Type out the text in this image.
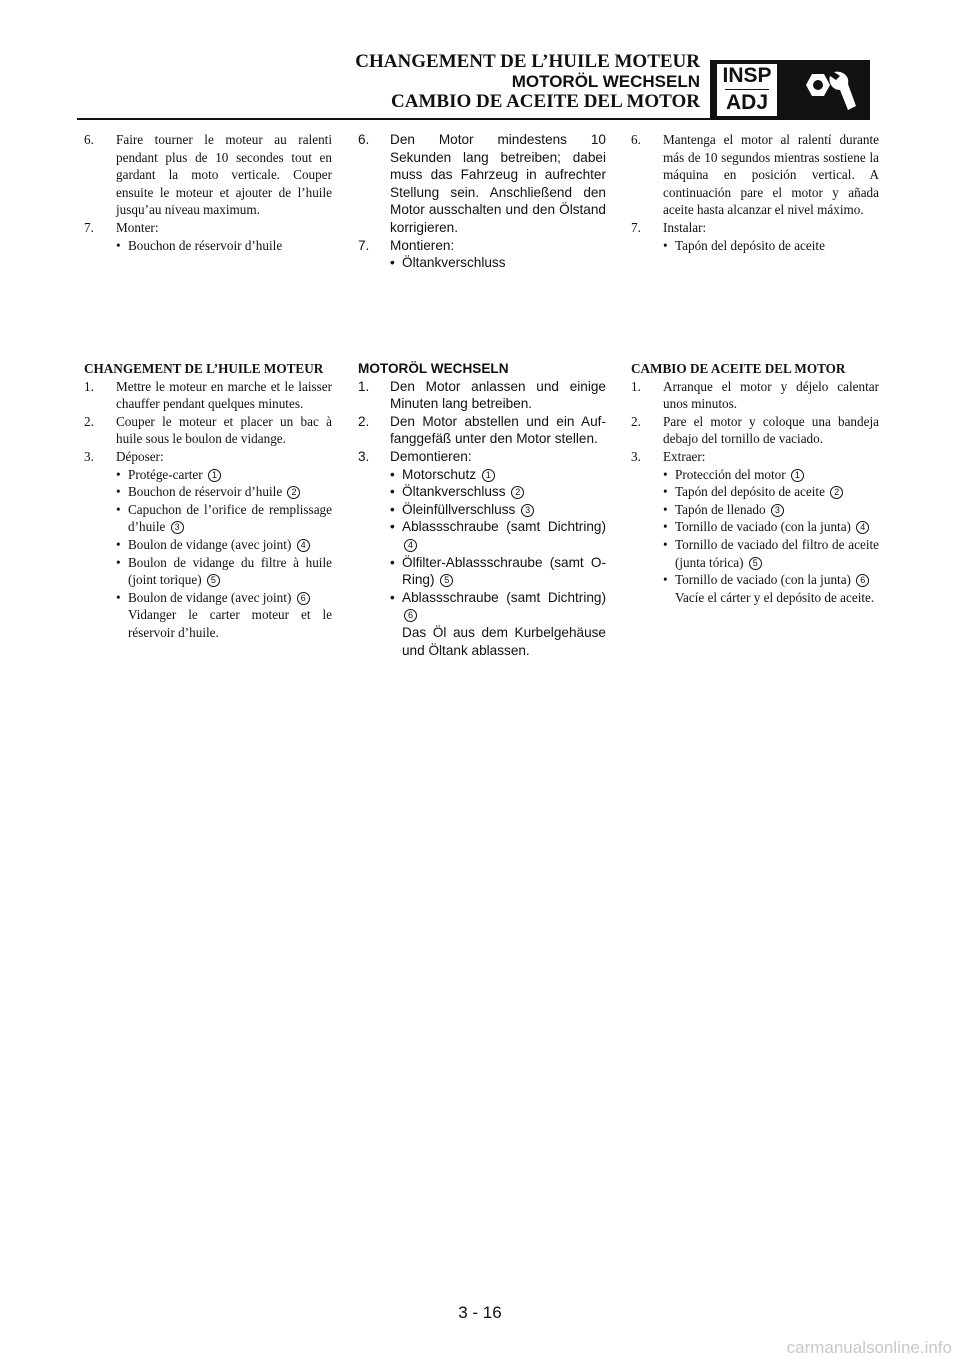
CHANGEMENT DE L’HUILE MOTEUR
MOTORÖL WECHSELN
CAMBIO DE ACEITE DEL MOTOR
INSP
ADJ
6. Faire tourner le moteur au ralenti pendant plus de 10 secondes tout en gardant la moto verticale. Couper ensuite le moteur et ajouter de l’huile jusqu’au niveau maximum.
7. Monter:
• Bouchon de réservoir d’huile
CHANGEMENT DE L’HUILE MOTEUR
1. Mettre le moteur en marche et le laisser chauffer pendant quelques minutes.
2. Couper le moteur et placer un bac à huile sous le boulon de vidange.
3. Déposer:
• Protége-carter 1
• Bouchon de réservoir d’huile 2
• Capuchon de l’orifice de remplissage d’huile 3
• Boulon de vidange (avec joint) 4
• Boulon de vidange du filtre à huile (joint torique) 5
• Boulon de vidange (avec joint) 6
Vidanger le carter moteur et le réservoir d’huile.
6. Den Motor mindestens 10 Sekunden lang betreiben; dabei muss das Fahrzeug in aufrechter Stellung sein. Anschließend den Motor ausschalten und den Ölstand korrigieren.
7. Montieren:
• Öltankverschluss
MOTORÖL WECHSELN
1. Den Motor anlassen und einige Minuten lang betreiben.
2. Den Motor abstellen und ein Auffanggefäß unter den Motor stellen.
3. Demontieren:
• Motorschutz 1
• Öltankverschluss 2
• Öleinfüllverschluss 3
• Ablassschraube (samt Dichtring) 4
• Ölfilter-Ablassschraube (samt O-Ring) 5
• Ablassschraube (samt Dichtring) 6
Das Öl aus dem Kurbelgehäuse und Öltank ablassen.
6. Mantenga el motor al ralentí durante más de 10 segundos mientras sostiene la máquina en posición vertical. A continuación pare el motor y añada aceite hasta alcanzar el nivel máximo.
7. Instalar:
• Tapón del depósito de aceite
CAMBIO DE ACEITE DEL MOTOR
1. Arranque el motor y déjelo calentar unos minutos.
2. Pare el motor y coloque una bandeja debajo del tornillo de vaciado.
3. Extraer:
• Protección del motor 1
• Tapón del depósito de aceite 2
• Tapón de llenado 3
• Tornillo de vaciado (con la junta) 4
• Tornillo de vaciado del filtro de aceite (junta tórica) 5
• Tornillo de vaciado (con la junta) 6
Vacíe el cárter y el depósito de aceite.
3 - 16
carmanualsonline.info
